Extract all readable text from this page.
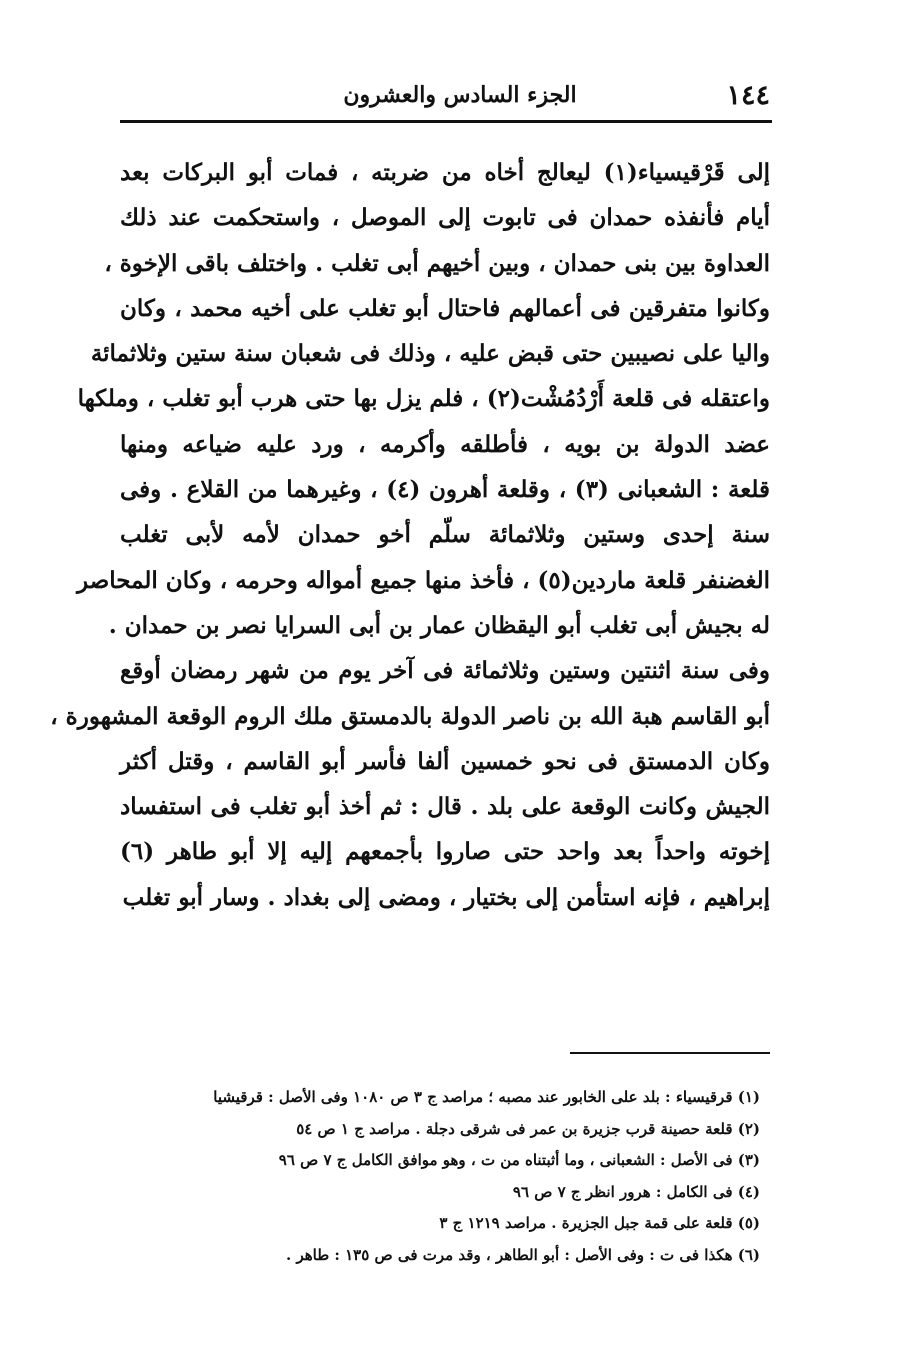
١٤٤
الجزء السادس والعشرون
إلى قَرْقيسياء(١) ليعالج أخاه من ضربته ، فمات أبو البركات بعد
أيام فأنفذه حمدان فى تابوت إلى الموصل ، واستحكمت عند ذلك
العداوة بين بنى حمدان ، وبين أخيهم أبى تغلب . واختلف باقى الإخوة ،
وكانوا متفرقين فى أعمالهم فاحتال أبو تغلب على أخيه محمد ، وكان
واليا على نصيبين حتى قبض عليه ، وذلك فى شعبان سنة ستين وثلاثمائة
واعتقله فى قلعة أَرْدُمُشْت(٢) ، فلم يزل بها حتى هرب أبو تغلب ، وملكها
عضد الدولة بن بويه ، فأطلقه وأكرمه ، ورد عليه ضياعه ومنها
قلعة : الشعبانى (٣) ، وقلعة أهرون (٤) ، وغيرهما من القلاع . وفى
سنة إحدى وستين وثلاثمائة سلّم أخو حمدان لأمه لأبى تغلب
الغضنفر قلعة ماردين(٥) ، فأخذ منها جميع أمواله وحرمه ، وكان المحاصر
له بجيش أبى تغلب أبو اليقظان عمار بن أبى السرايا نصر بن حمدان .
وفى سنة اثنتين وستين وثلاثمائة فى آخر يوم من شهر رمضان أوقع
أبو القاسم هبة الله بن ناصر الدولة بالدمستق ملك الروم الوقعة المشهورة ،
وكان الدمستق فى نحو خمسين ألفا فأسر أبو القاسم ، وقتل أكثر
الجيش وكانت الوقعة على بلد . قال : ثم أخذ أبو تغلب فى استفساد
إخوته واحداً بعد واحد حتى صاروا بأجمعهم إليه إلا أبو طاهر (٦)
إبراهيم ، فإنه استأمن إلى بختيار ، ومضى إلى بغداد . وسار أبو تغلب
(١) قرقيسياء : بلد على الخابور عند مصبه ؛ مراصد ج ٣ ص ١٠٨٠ وفى الأصل : قرقيشيا
(٢) قلعة حصينة قرب جزيرة بن عمر فى شرقى دجلة . مراصد ج ١ ص ٥٤
(٣) فى الأصل : الشعبانى ، وما أثبتناه من ت ، وهو موافق الكامل ج ٧ ص ٩٦
(٤) فى الكامل : هرور انظر ج ٧ ص ٩٦
(٥) قلعة على قمة جبل الجزيرة . مراصد ١٢١٩ ج ٣
(٦) هكذا فى ت : وفى الأصل : أبو الطاهر ، وقد مرت فى ص ١٣٥ : طاهر .
